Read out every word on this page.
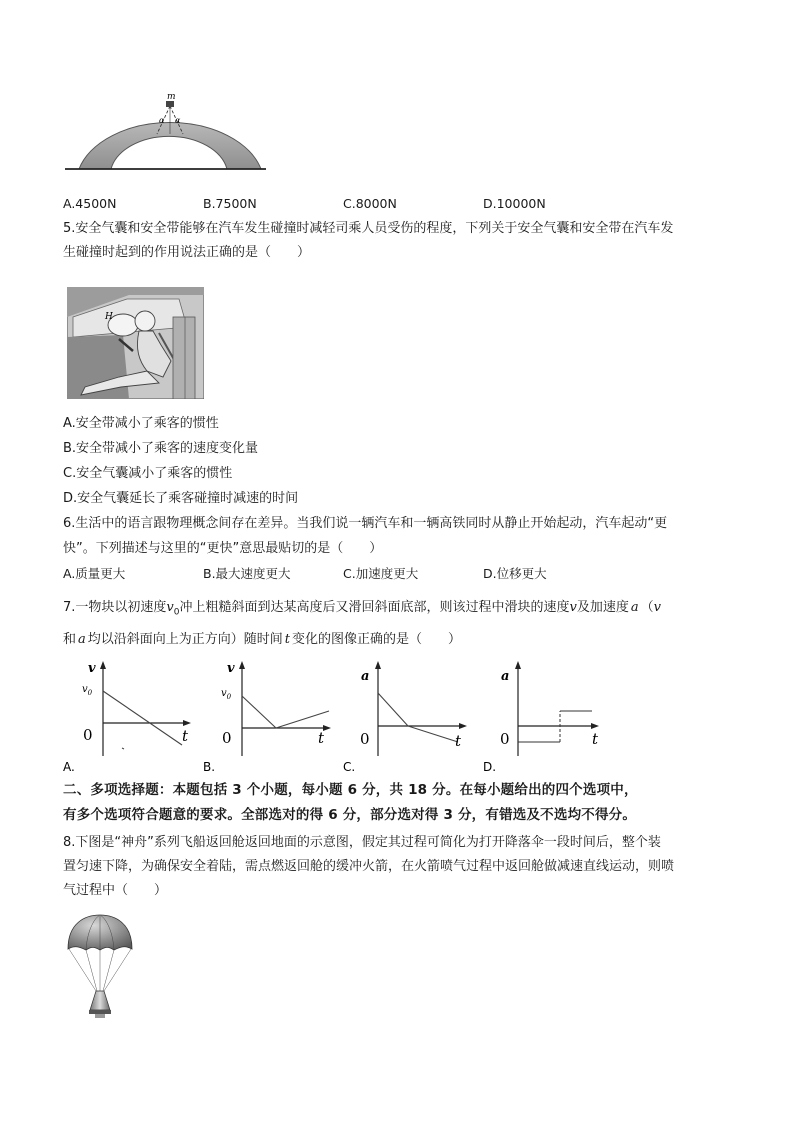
m
α α
A.4500N	B.7500N	C.8000N	D.10000N
5.安全气囊和安全带能够在汽车发生碰撞时减轻司乘人员受伤的程度，下列关于安全气囊和安全带在汽车发
生碰撞时起到的作用说法正确的是（　　）
H
A.安全带减小了乘客的惯性
B.安全带减小了乘客的速度变化量
C.安全气囊减小了乘客的惯性
D.安全气囊延长了乘客碰撞时减速的时间
6.生活中的语言跟物理概念间存在差异。当我们说一辆汽车和一辆高铁同时从静止开始起动，汽车起动“更
快”。下列描述与这里的“更快”意思最贴切的是（　　）
A.质量更大	B.最大速度更大	C.加速度更大	D.位移更大
7.一物块以初速度$v_0$冲上粗糙斜面到达某高度后又滑回斜面底部，则该过程中滑块的速度v及加速度 a （v
和 a 均以沿斜面向上为正方向）随时间 t 变化的图像正确的是（　　）
v
$v_0$
0	t
A.
v
$v_0$
0	t
B.
a
0	t
C.
a
0	t
D.
二、多项选择题：本题包括 3 个小题，每小题 6 分，共 18 分。在每小题给出的四个选项中，
有多个选项符合题意的要求。全部选对的得 6 分，部分选对得 3 分，有错选及不选均不得分。
8.下图是“神舟”系列飞船返回舱返回地面的示意图，假定其过程可简化为打开降落伞一段时间后，整个装
置匀速下降，为确保安全着陆，需点燃返回舱的缓冲火箭，在火箭喷气过程中返回舱做减速直线运动，则喷
气过程中（　　）
